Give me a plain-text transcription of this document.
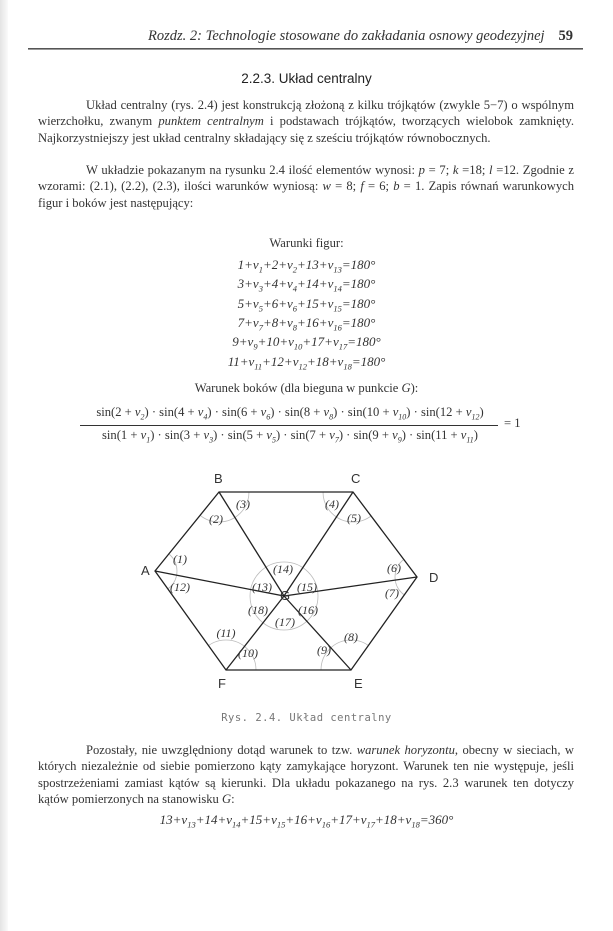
Rozdz. 2: Technologie stosowane do zakładania osnowy geodezyjnej 59
2.2.3. Układ centralny
Układ centralny (rys. 2.4) jest konstrukcją złożoną z kilku trójkątów (zwykle 5−7) o wspólnym wierzchołku, zwanym punktem centralnym i podstawach trójkątów, tworzących wielobok zamknięty. Najkorzystniejszy jest układ centralny składający się z sześciu trójkątów równobocznych.
W układzie pokazanym na rysunku 2.4 ilość elementów wynosi: p = 7; k =18; l =12. Zgodnie z wzorami: (2.1), (2.2), (2.3), ilości warunków wyniosą: w = 8; f = 6; b = 1. Zapis równań warunkowych figur i boków jest następujący:
Warunki figur:
$1+v_1+2+v_2+13+v_{13}=180^\circ$
$3+v_3+4+v_4+14+v_{14}=180^\circ$
$5+v_5+6+v_6+15+v_{15}=180^\circ$
$7+v_7+8+v_8+16+v_{16}=180^\circ$
$9+v_9+10+v_{10}+17+v_{17}=180^\circ$
$11+v_{11}+12+v_{12}+18+v_{18}=180^\circ$
Warunek boków (dla bieguna w punkcie G):
$\sin(2 + v_2) \cdot \sin(4 + v_4) \cdot \sin(6 + v_6) \cdot \sin(8 + v_8) \cdot \sin(10 + v_{10}) \cdot \sin(12 + v_{12})$
$\sin(1 + v_1) \cdot \sin(3 + v_3) \cdot \sin(5 + v_5) \cdot \sin(7 + v_7) \cdot \sin(9 + v_9) \cdot \sin(11 + v_{11})$
= 1
A
B	C
D
E
F
G
(1)
(2)
(3)	(4)
(5)
(6)
(7)
(8)
(9)
(10)
(11)
(12)	(13)
(14)
(15)
(16)
(17)
(18)
Rys. 2.4. Układ centralny
Pozostały, nie uwzględniony dotąd warunek to tzw. warunek horyzontu, obecny w sieciach, w których niezależnie od siebie pomierzono kąty zamykające horyzont. Warunek ten nie występuje, jeśli spostrzeżeniami zamiast kątów są kierunki. Dla układu pokazanego na rys. 2.3 warunek ten dotyczy kątów pomierzonych na stanowisku G:
$13+v_{13}+14+v_{14}+15+v_{15}+16+v_{16}+17+v_{17}+18+v_{18}=360^\circ$
